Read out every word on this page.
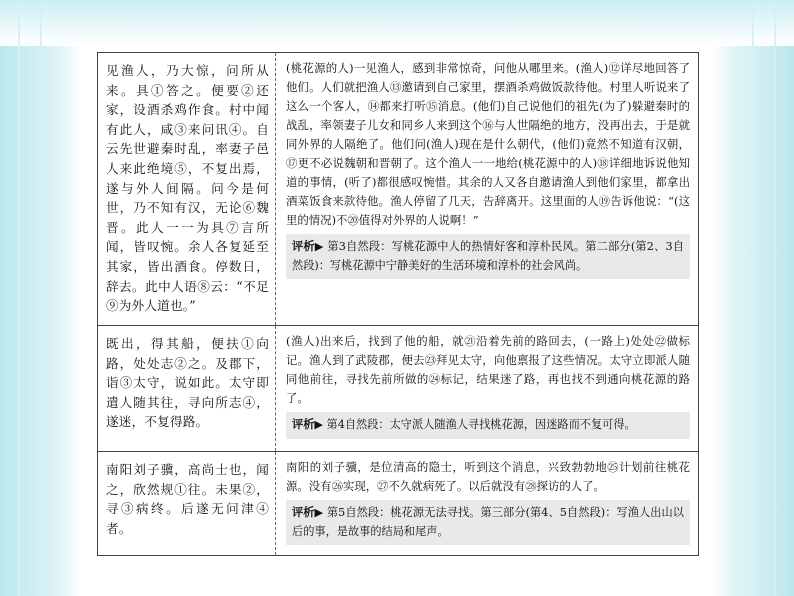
见渔人，乃大惊，问所从来。具①答之。便要②还家，设酒杀鸡作食。村中闻有此人，咸③来问讯④。自云先世避秦时乱，率妻子邑人来此绝境⑤，不复出焉，遂与外人间隔。问今是何世，乃不知有汉，无论⑥魏晋。此人一一为具⑦言所闻，皆叹惋。余人各复延至其家，皆出酒食。停数日，辞去。此中人语⑧云：“不足⑨为外人道也。”
(桃花源的人)一见渔人，感到非常惊奇，问他从哪里来。(渔人)⑫详尽地回答了他们。人们就把渔人⑬邀请到自己家里，摆酒杀鸡做饭款待他。村里人听说来了这么一个客人，⑭都来打听⑮消息。(他们)自己说他们的祖先(为了)躲避秦时的战乱，率领妻子儿女和同乡人来到这个⑯与人世隔绝的地方，没再出去，于是就同外界的人隔绝了。他们问(渔人)现在是什么朝代，(他们)竟然不知道有汉朝，⑰更不必说魏朝和晋朝了。这个渔人一一地给(桃花源中的人)⑱详细地诉说他知道的事情，(听了)都很感叹惋惜。其余的人又各自邀请渔人到他们家里，都拿出酒菜饭食来款待他。渔人停留了几天，告辞离开。这里面的人⑲告诉他说：“(这里的情况)不⑳值得对外界的人说啊！”
评析▶ 第3自然段：写桃花源中人的热情好客和淳朴民风。第二部分(第2、3自然段)：写桃花源中宁静美好的生活环境和淳朴的社会风尚。
既出，得其船，便扶①向路，处处志②之。及郡下，诣③太守，说如此。太守即遣人随其往，寻向所志④，遂迷，不复得路。
(渔人)出来后，找到了他的船，就㉑沿着先前的路回去，(一路上)处处㉒做标记。渔人到了武陵郡，便去㉓拜见太守，向他禀报了这些情况。太守立即派人随同他前往，寻找先前所做的㉔标记，结果迷了路，再也找不到通向桃花源的路了。
评析▶ 第4自然段：太守派人随渔人寻找桃花源，因迷路而不复可得。
南阳刘子骥，高尚士也，闻之，欣然规①往。未果②，寻③病终。后遂无问津④者。
南阳的刘子骥，是位清高的隐士，听到这个消息，兴致勃勃地㉕计划前往桃花源。没有㉖实现，㉗不久就病死了。以后就没有㉘探访的人了。
评析▶ 第5自然段：桃花源无法寻找。第三部分(第4、5自然段)：写渔人出山以后的事，是故事的结局和尾声。
